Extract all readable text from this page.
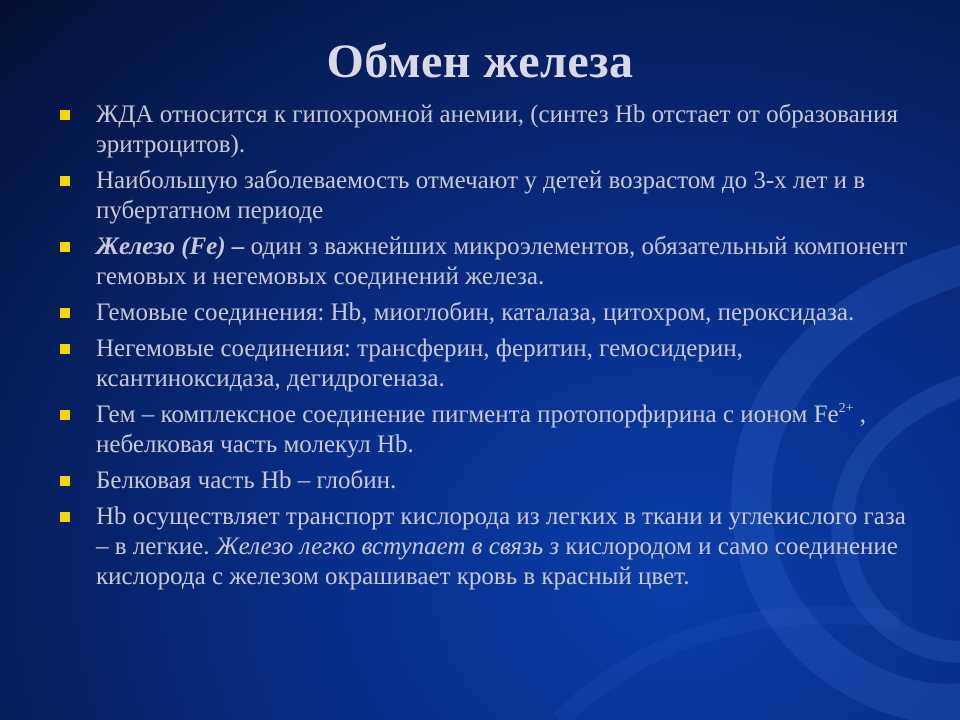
Обмен железа
ЖДА относится к гипохромной анемии, (синтез Hb отстает от образования эритроцитов).
Наибольшую заболеваемость отмечают у детей возрастом до 3-х лет и в пубертатном периоде
Железо (Fe) – один з важнейших микроэлементов, обязательный компонент гемовых и негемовых соединений железа.
Гемовые соединения: Hb, миоглобин, каталаза, цитохром, пероксидаза.
Негемовые соединения: трансферин, феритин, гемосидерин, ксантиноксидаза, дегидрогеназа.
Гем – комплексное соединение пигмента протопорфирина с ионом $Fe^{2+}$ , небелковая часть молекул Hb.
Белковая часть Hb – глобин.
Hb осуществляет транспорт кислорода из легких в ткани и углекислого газа – в легкие. Железо легко вступает в связь з кислородом и само соединение кислорода с железом окрашивает кровь в красный цвет.
